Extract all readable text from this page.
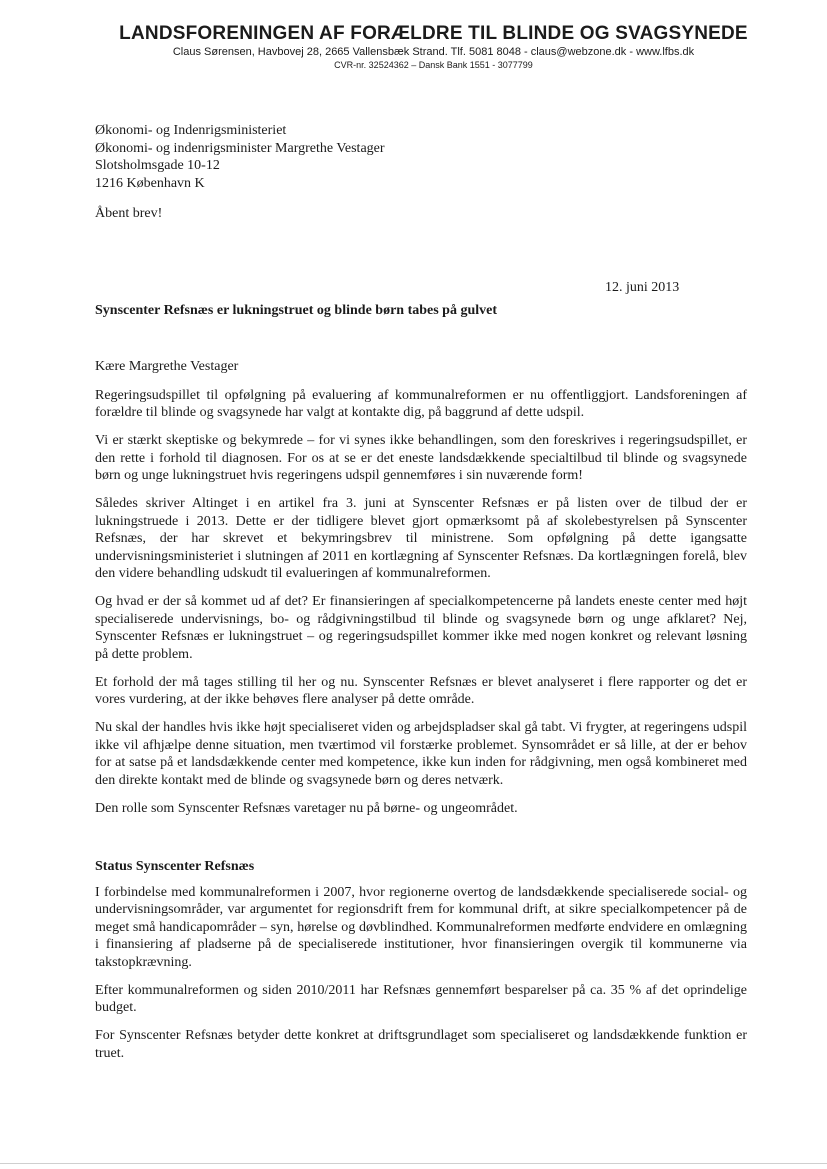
LANDSFORENINGEN AF FORÆLDRE TIL BLINDE OG SVAGSYNEDE

Claus Sørensen, Havbovej 28, 2665 Vallensbæk Strand. Tlf. 5081 8048 - claus@webzone.dk - www.lfbs.dk

CVR-nr. 32524362 – Dansk Bank 1551 - 3077799

Økonomi- og Indenrigsministeriet
Økonomi- og indenrigsminister Margrethe Vestager
Slotsholmsgade 10-12
1216 København K
Åbent brev!
12. juni 2013
Synscenter Refsnæs er lukningstruet og blinde børn tabes på gulvet

Kære Margrethe Vestager

Regeringsudspillet til opfølgning på evaluering af kommunalreformen er nu offentliggjort. Landsforeningen af forældre til blinde og svagsynede har valgt at kontakte dig, på baggrund af dette udspil.

Vi er stærkt skeptiske og bekymrede – for vi synes ikke behandlingen, som den foreskrives i regeringsudspillet, er den rette i forhold til diagnosen. For os at se er det eneste landsdækkende specialtilbud til blinde og svagsynede børn og unge lukningstruet hvis regeringens udspil gennemføres i sin nuværende form!

Således skriver Altinget i en artikel fra 3. juni at Synscenter Refsnæs er på listen over de tilbud der er lukningstruede i 2013. Dette er der tidligere blevet gjort opmærksomt på af skolebestyrelsen på Synscenter Refsnæs, der har skrevet et bekymringsbrev til ministrene. Som opfølgning på dette igangsatte undervisningsministeriet i slutningen af 2011 en kortlægning af Synscenter Refsnæs. Da kortlægningen forelå, blev den videre behandling udskudt til evalueringen af kommunalreformen.

Og hvad er der så kommet ud af det? Er finansieringen af specialkompetencerne på landets eneste center med højt specialiserede undervisnings, bo- og rådgivningstilbud til blinde og svagsynede børn og unge afklaret? Nej, Synscenter Refsnæs er lukningstruet – og regeringsudspillet kommer ikke med nogen konkret og relevant løsning på dette problem.

Et forhold der må tages stilling til her og nu. Synscenter Refsnæs er blevet analyseret i flere rapporter og det er vores vurdering, at der ikke behøves flere analyser på dette område.

Nu skal der handles hvis ikke højt specialiseret viden og arbejdspladser skal gå tabt. Vi frygter, at regeringens udspil ikke vil afhjælpe denne situation, men tværtimod vil forstærke problemet. Synsområdet er så lille, at der er behov for at satse på et landsdækkende center med kompetence, ikke kun inden for rådgivning, men også kombineret med den direkte kontakt med de blinde og svagsynede børn og deres netværk.

Den rolle som Synscenter Refsnæs varetager nu på børne- og ungeområdet.

Status Synscenter Refsnæs

I forbindelse med kommunalreformen i 2007, hvor regionerne overtog de landsdækkende specialiserede social- og undervisningsområder, var argumentet for regionsdrift frem for kommunal drift, at sikre specialkompetencer på de meget små handicapområder – syn, hørelse og døvblindhed. Kommunalreformen medførte endvidere en omlægning i finansiering af pladserne på de specialiserede institutioner, hvor finansieringen overgik til kommunerne via takstopkrævning.

Efter kommunalreformen og siden 2010/2011 har Refsnæs gennemført besparelser på ca. 35 % af det oprindelige budget.

For Synscenter Refsnæs betyder dette konkret at driftsgrundlaget som specialiseret og landsdækkende funktion er truet.
